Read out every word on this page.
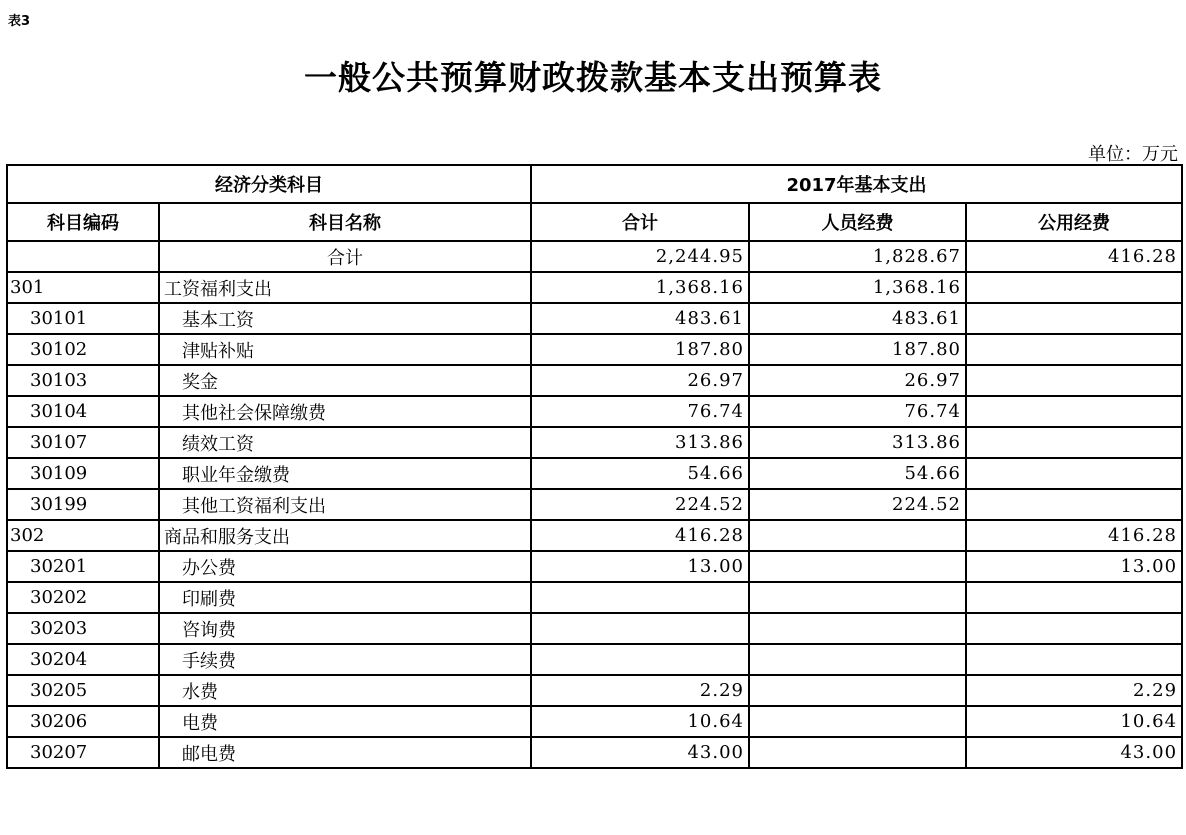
表3
一般公共预算财政拨款基本支出预算表
单位：万元
经济分类科目		2017年基本支出		
科目编码	科目名称	合计	人员经费	公用经费
	合计	2,244.95	1,828.67	416.28
301	工资福利支出	1,368.16	1,368.16	
30101	基本工资	483.61	483.61	
30102	津贴补贴	187.80	187.80	
30103	奖金	26.97	26.97	
30104	其他社会保障缴费	76.74	76.74	
30107	绩效工资	313.86	313.86	
30109	职业年金缴费	54.66	54.66	
30199	其他工资福利支出	224.52	224.52	
302	商品和服务支出	416.28		416.28
30201	办公费	13.00		13.00
30202	印刷费			
30203	咨询费			
30204	手续费			
30205	水费	2.29		2.29
30206	电费	10.64		10.64
30207	邮电费	43.00		43.00
